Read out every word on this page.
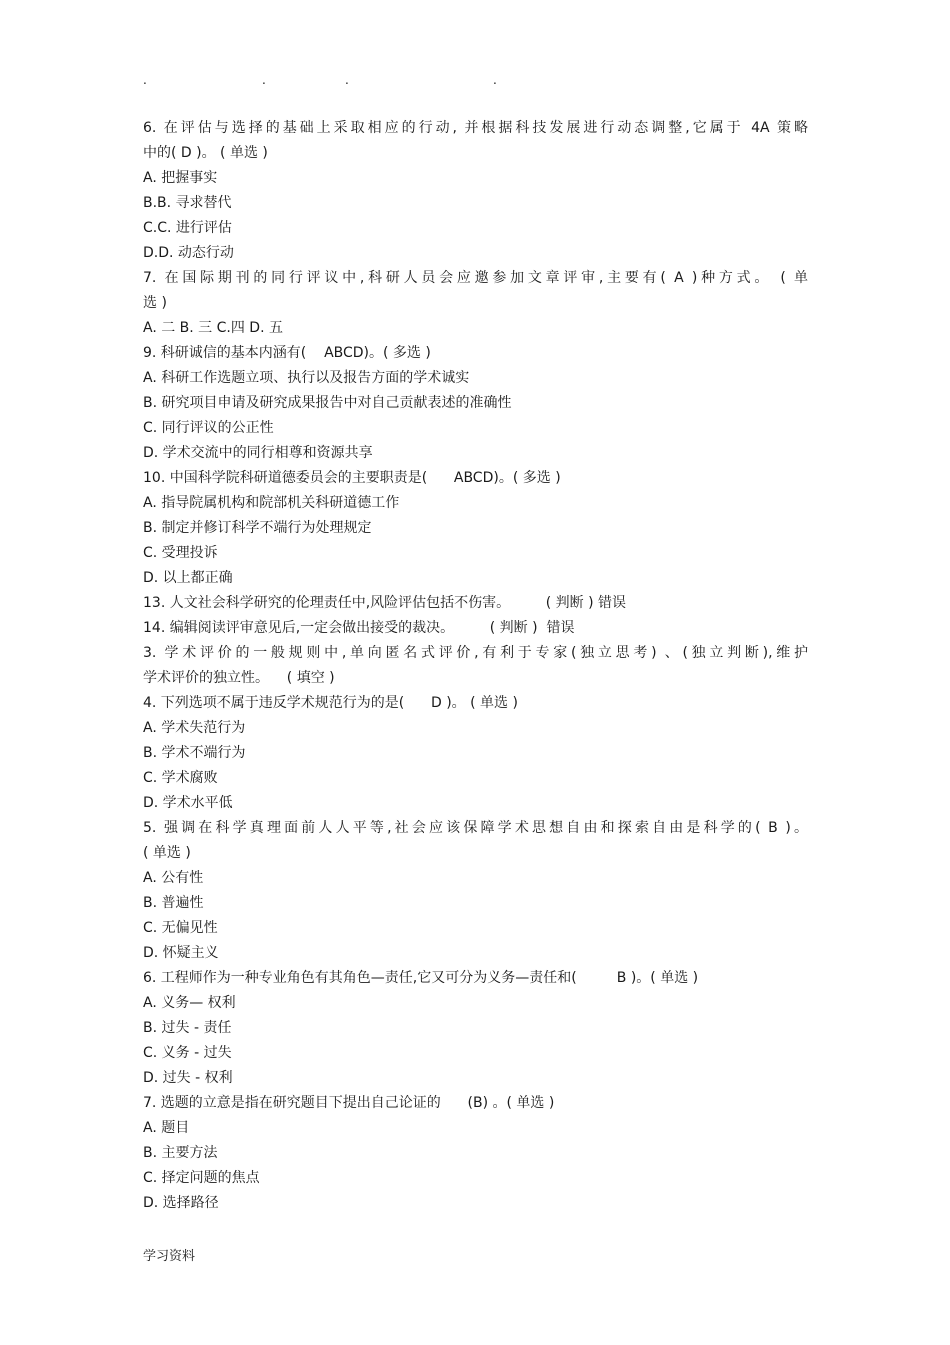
.	.	.	.
6. 在评估与选择的基础上采取相应的行动, 并根据科技发展进行动态调整,它属于 4A 策略
中的( D )。 ( 单选 )
A. 把握事实
B.B. 寻求替代
C.C. 进行评估
D.D. 动态行动
7. 在国际期刊的同行评议中,科研人员会应邀参加文章评审,主要有( A )种方式。 ( 单
选 )
A. 二 B. 三 C.四 D. 五
9. 科研诚信的基本内涵有(    ABCD)。( 多选 )
A. 科研工作选题立项、执行以及报告方面的学术诚实
B. 研究项目申请及研究成果报告中对自己贡献表述的准确性
C. 同行评议的公正性
D. 学术交流中的同行相尊和资源共享
10. 中国科学院科研道德委员会的主要职责是(      ABCD)。( 多选 )
A. 指导院属机构和院部机关科研道德工作
B. 制定并修订科学不端行为处理规定
C. 受理投诉
D. 以上都正确
13. 人文社会科学研究的伦理责任中,风险评估包括不伤害。        ( 判断 ) 错误
14. 编辑阅读评审意见后,一定会做出接受的裁决。        ( 判断 )  错误
3. 学术评价的一般规则中,单向匿名式评价,有利于专家(独立思考) 、(独立判断),维护
学术评价的独立性。    ( 填空 )
4. 下列选项不属于违反学术规范行为的是(      D )。 ( 单选 )
A. 学术失范行为
B. 学术不端行为
C. 学术腐败
D. 学术水平低
5. 强调在科学真理面前人人平等,社会应该保障学术思想自由和探索自由是科学的( B )。
( 单选 )
A. 公有性
B. 普遍性
C. 无偏见性
D. 怀疑主义
6. 工程师作为一种专业角色有其角色—责任,它又可分为义务—责任和(         B )。( 单选 )
A. 义务— 权利
B. 过失 - 责任
C. 义务 - 过失
D. 过失 - 权利
7. 选题的立意是指在研究题目下提出自己论证的      (B) 。( 单选 )
A. 题目
B. 主要方法
C. 择定问题的焦点
D. 选择路径
学习资料
